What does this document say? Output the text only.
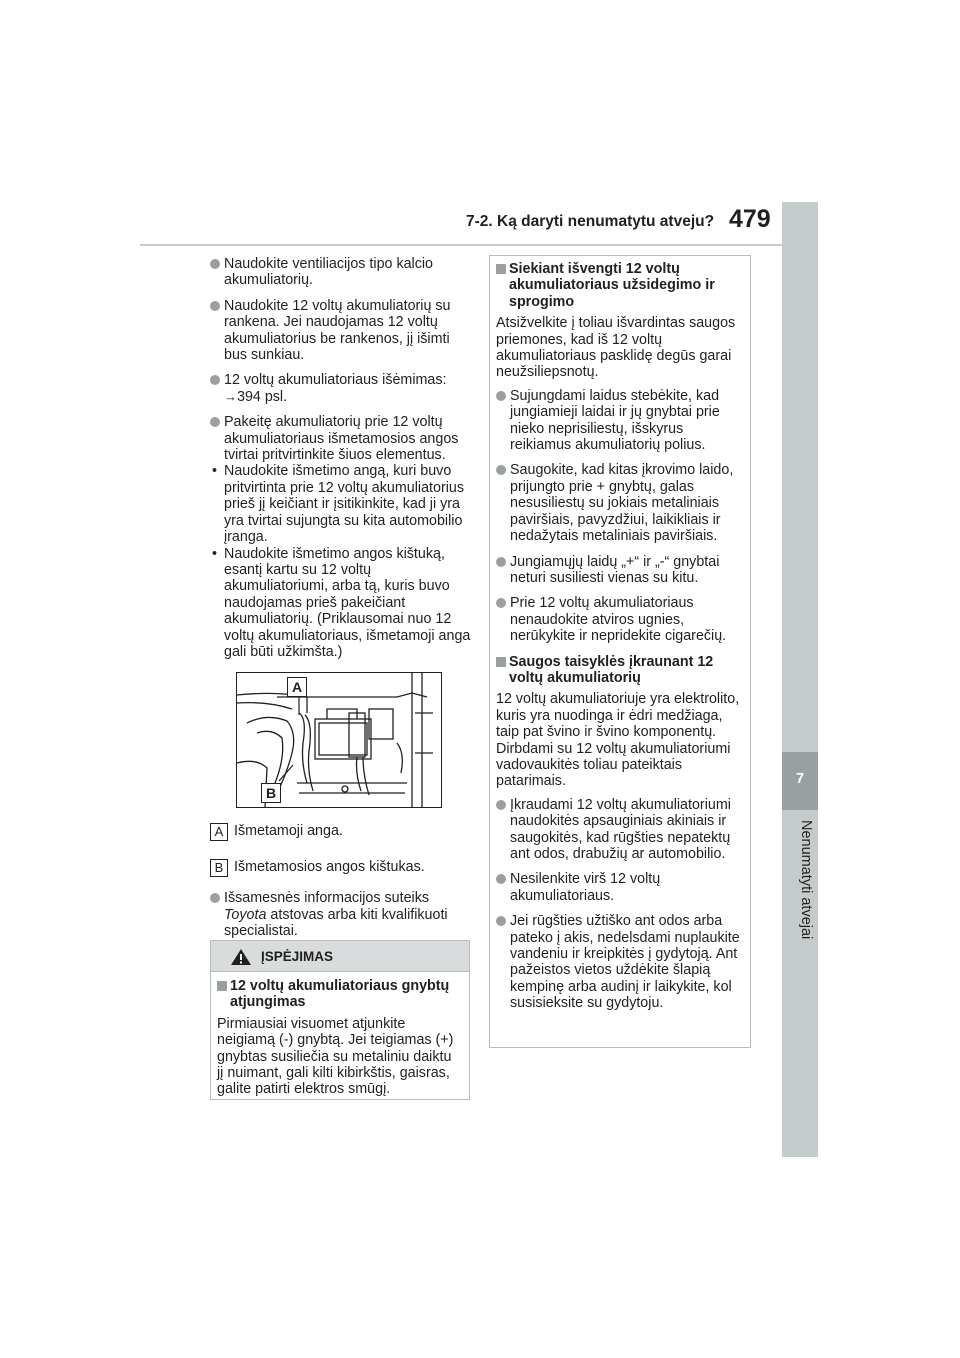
7-2. Ką daryti nenumatytu atveju? 479
7
Nenumatyti atvejai
Naudokite ventiliacijos tipo kalcio akumuliatorių.
Naudokite 12 voltų akumuliatorių su rankena. Jei naudojamas 12 voltų akumuliatorius be rankenos, jį išimti bus sunkiau.
12 voltų akumuliatoriaus išėmimas:
→394 psl.
Pakeitę akumuliatorių prie 12 voltų akumuliatoriaus išmetamosios angos tvirtai pritvirtinkite šiuos elementus.
• Naudokite išmetimo angą, kuri buvo pritvirtinta prie 12 voltų akumuliatorius prieš jį keičiant ir įsitikinkite, kad ji yra yra tvirtai sujungta su kita automobilio įranga.
• Naudokite išmetimo angos kištuką, esantį kartu su 12 voltų akumuliatoriumi, arba tą, kuris buvo naudojamas prieš pakeičiant akumuliatorių. (Priklausomai nuo 12 voltų akumuliatoriaus, išmetamoji anga gali būti užkimšta.)
A
B
A Išmetamoji anga.
B Išmetamosios angos kištukas.
Išsamesnės informacijos suteiks Toyota atstovas arba kiti kvalifikuoti specialistai.
ĮSPĖJIMAS
12 voltų akumuliatoriaus gnybtų atjungimas
Pirmiausiai visuomet atjunkite neigiamą (-) gnybtą. Jei teigiamas (+) gnybtas susiliečia su metaliniu daiktu jį nuimant, gali kilti kibirkštis, gaisras, galite patirti elektros smūgį.
Siekiant išvengti 12 voltų akumuliatoriaus užsidegimo ir sprogimo
Atsižvelkite į toliau išvardintas saugos priemones, kad iš 12 voltų akumuliatoriaus pasklidę degūs garai neužsiliepsnotų.
Sujungdami laidus stebėkite, kad jungiamieji laidai ir jų gnybtai prie nieko neprisiliestų, išskyrus reikiamus akumuliatorių polius.
Saugokite, kad kitas įkrovimo laido, prijungto prie + gnybtų, galas nesusiliestų su jokiais metaliniais paviršiais, pavyzdžiui, laikikliais ir nedažytais metaliniais paviršiais.
Jungiamųjų laidų „+“ ir „-“ gnybtai neturi susiliesti vienas su kitu.
Prie 12 voltų akumuliatoriaus nenaudokite atviros ugnies, nerūkykite ir nepridekite cigarečių.
Saugos taisyklės įkraunant 12 voltų akumuliatorių
12 voltų akumuliatoriuje yra elektrolito, kuris yra nuodinga ir ėdri medžiaga, taip pat švino ir švino komponentų. Dirbdami su 12 voltų akumuliatoriumi vadovaukitės toliau pateiktais patarimais.
Įkraudami 12 voltų akumuliatoriumi naudokitės apsauginiais akiniais ir saugokitės, kad rūgšties nepatektų ant odos, drabužių ar automobilio.
Nesilenkite virš 12 voltų akumuliatoriaus.
Jei rūgšties užtiško ant odos arba pateko į akis, nedelsdami nuplaukite vandeniu ir kreipkitės į gydytoją. Ant pažeistos vietos uždėkite šlapią kempinę arba audinį ir laikykite, kol susisieksite su gydytoju.
